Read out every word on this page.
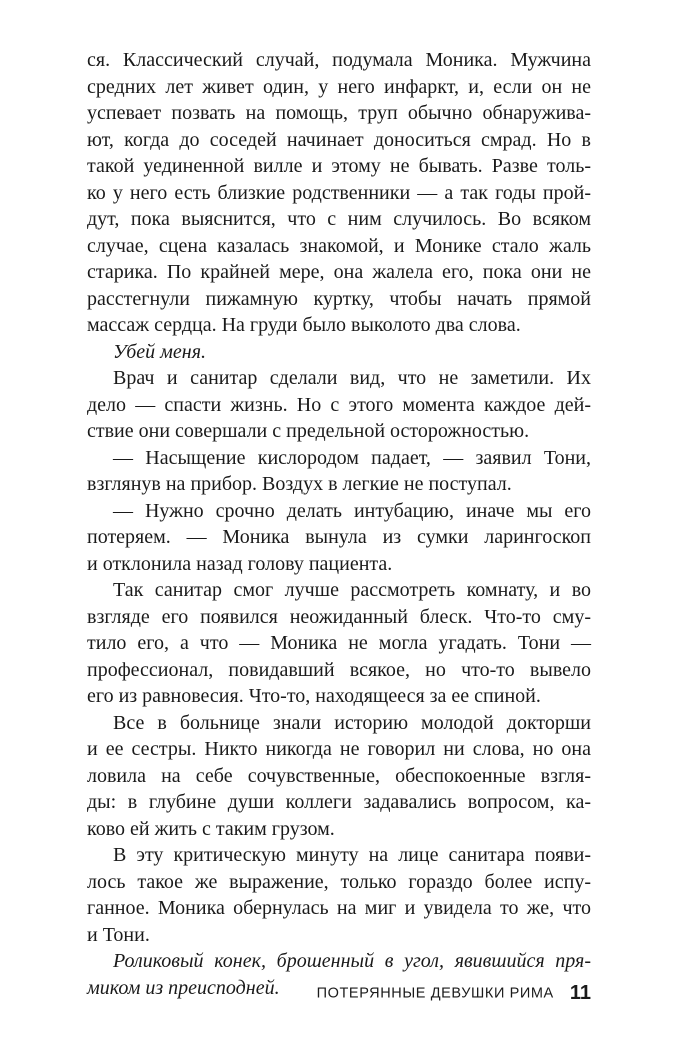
ся. Классический случай, подумала Моника. Мужчина
средних лет живет один, у него инфаркт, и, если он не
успевает позвать на помощь, труп обычно обнаружива-
ют, когда до соседей начинает доноситься смрад. Но в
такой уединенной вилле и этому не бывать. Разве толь-
ко у него есть близкие родственники — а так годы прой-
дут, пока выяснится, что с ним случилось. Во всяком
случае, сцена казалась знакомой, и Монике стало жаль
старика. По крайней мере, она жалела его, пока они не
расстегнули пижамную куртку, чтобы начать прямой
массаж сердца. На груди было выколото два слова.
Убей меня.
Врач и санитар сделали вид, что не заметили. Их
дело — спасти жизнь. Но с этого момента каждое дей-
ствие они совершали с предельной осторожностью.
— Насыщение кислородом падает, — заявил Тони,
взглянув на прибор. Воздух в легкие не поступал.
— Нужно срочно делать интубацию, иначе мы его
потеряем. — Моника вынула из сумки ларингоскоп
и отклонила назад голову пациента.
Так санитар смог лучше рассмотреть комнату, и во
взгляде его появился неожиданный блеск. Что-то сму-
тило его, а что — Моника не могла угадать. Тони —
профессионал, повидавший всякое, но что-то вывело
его из равновесия. Что-то, находящееся за ее спиной.
Все в больнице знали историю молодой докторши
и ее сестры. Никто никогда не говорил ни слова, но она
ловила на себе сочувственные, обеспокоенные взгля-
ды: в глубине души коллеги задавались вопросом, ка-
ково ей жить с таким грузом.
В эту критическую минуту на лице санитара появи-
лось такое же выражение, только гораздо более испу-
ганное. Моника обернулась на миг и увидела то же, что
и Тони.
Роликовый конек, брошенный в угол, явившийся пря-
миком из преисподней.	ПОТЕРЯННЫЕ ДЕВУШКИ РИМА 11
